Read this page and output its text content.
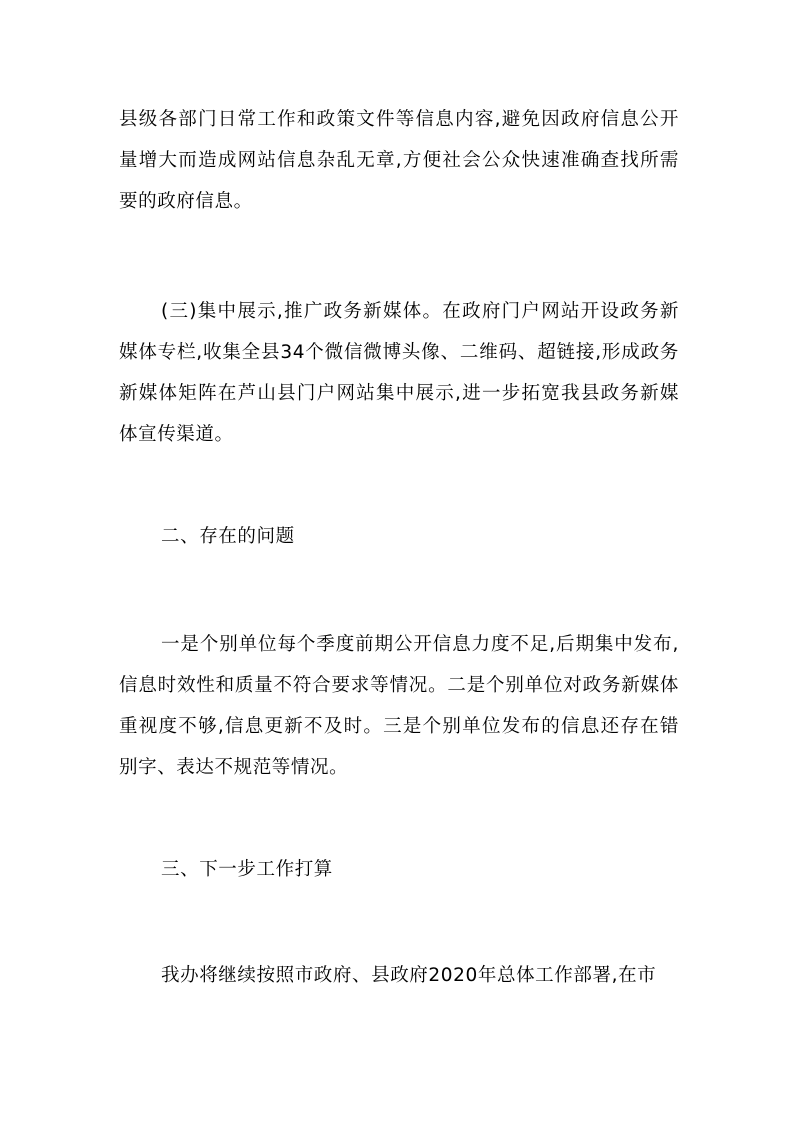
县级各部门日常工作和政策文件等信息内容,避免因政府信息公开量增大而造成网站信息杂乱无章,方便社会公众快速准确查找所需要的政府信息。

(三)集中展示,推广政务新媒体。在政府门户网站开设政务新媒体专栏,收集全县34个微信微博头像、二维码、超链接,形成政务新媒体矩阵在芦山县门户网站集中展示,进一步拓宽我县政务新媒体宣传渠道。

二、存在的问题

一是个别单位每个季度前期公开信息力度不足,后期集中发布,信息时效性和质量不符合要求等情况。二是个别单位对政务新媒体重视度不够,信息更新不及时。三是个别单位发布的信息还存在错别字、表达不规范等情况。

三、下一步工作打算

我办将继续按照市政府、县政府2020年总体工作部署,在市
